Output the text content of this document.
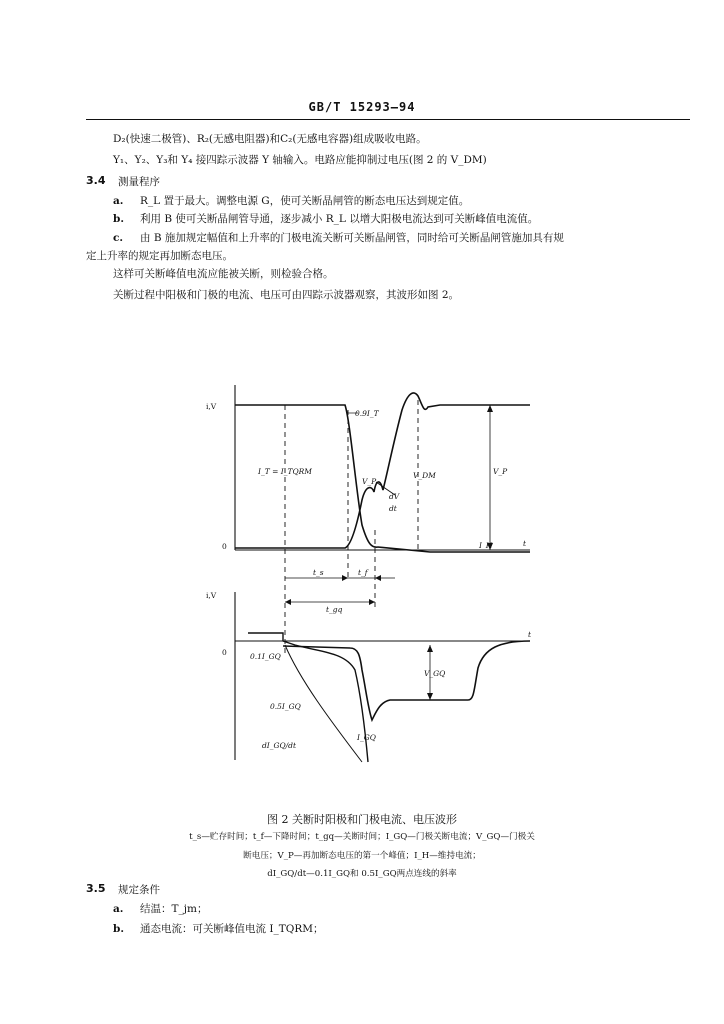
GB/T 15293—94
D₂(快速二极管)、R₂(无感电阻器)和C₂(无感电容器)组成吸收电路。
Y₁、Y₂、Y₃和 Y₄ 接四踪示波器 Y 轴输入。电路应能抑制过电压(图 2 的 V_DM)
3.4 测量程序
a. R_L 置于最大。调整电源 G，使可关断晶闸管的断态电压达到规定值。
b. 利用 B 使可关断晶闸管导通，逐步减小 R_L 以增大阳极电流达到可关断峰值电流值。
c. 由 B 施加规定幅值和上升率的门极电流关断可关断晶闸管，同时给可关断晶闸管施加具有规
定上升率的规定再加断态电压。
这样可关断峰值电流应能被关断，则检验合格。
关断过程中阳极和门极的电流、电压可由四踪示波器观察，其波形如图 2。
i,V
0	t
0.9I_T
I_T = I_TQRM
V_P
dV
dt
V_DM	V_P
I_H
t_s	t_f
t_gq
i,V
0
t
0.1I_GQ
0.5I_GQ
V_GQ
I_GQ
dI_GQ/dt
图 2 关断时阳极和门极电流、电压波形
t_s—贮存时间；t_f—下降时间；t_gq—关断时间；I_GQ—门极关断电流；V_GQ—门极关
断电压；V_P—再加断态电压的第一个峰值；I_H—维持电流；
dI_GQ/dt—0.1I_GQ和 0.5I_GQ两点连线的斜率
3.5 规定条件
a. 结温：T_jm；
b. 通态电流：可关断峰值电流 I_TQRM；
